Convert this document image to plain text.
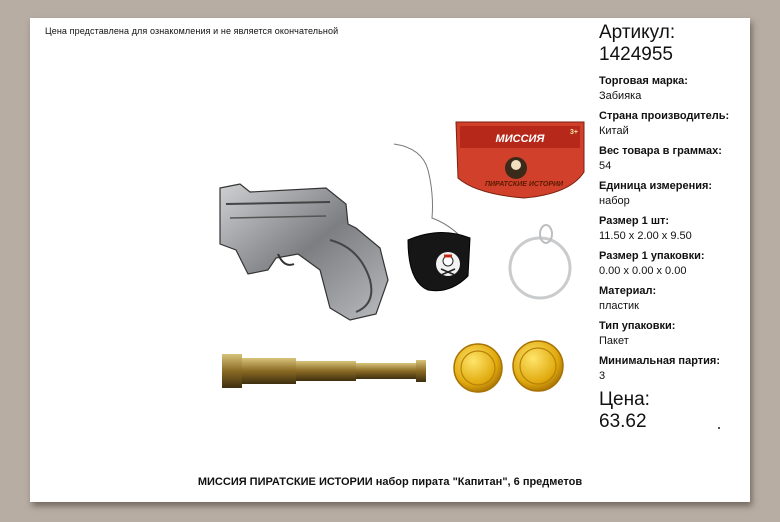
Цена представлена для ознакомления и не является окончательной
МИССИЯ
3+
ПИРАТСКИЕ ИСТОРИИ
Артикул:
1424955
Торговая марка:
Забияка
Страна производитель:
Китай
Вес товара в граммах:
54
Единица измерения:
набор
Размер 1 шт:
11.50 x 2.00 x 9.50
Размер 1 упаковки:
0.00 x 0.00 x 0.00
Материал:
пластик
Тип упаковки:
Пакет
Минимальная партия:
3
Цена:
63.62
МИССИЯ ПИРАТСКИЕ ИСТОРИИ набор пирата "Капитан", 6 предметов
